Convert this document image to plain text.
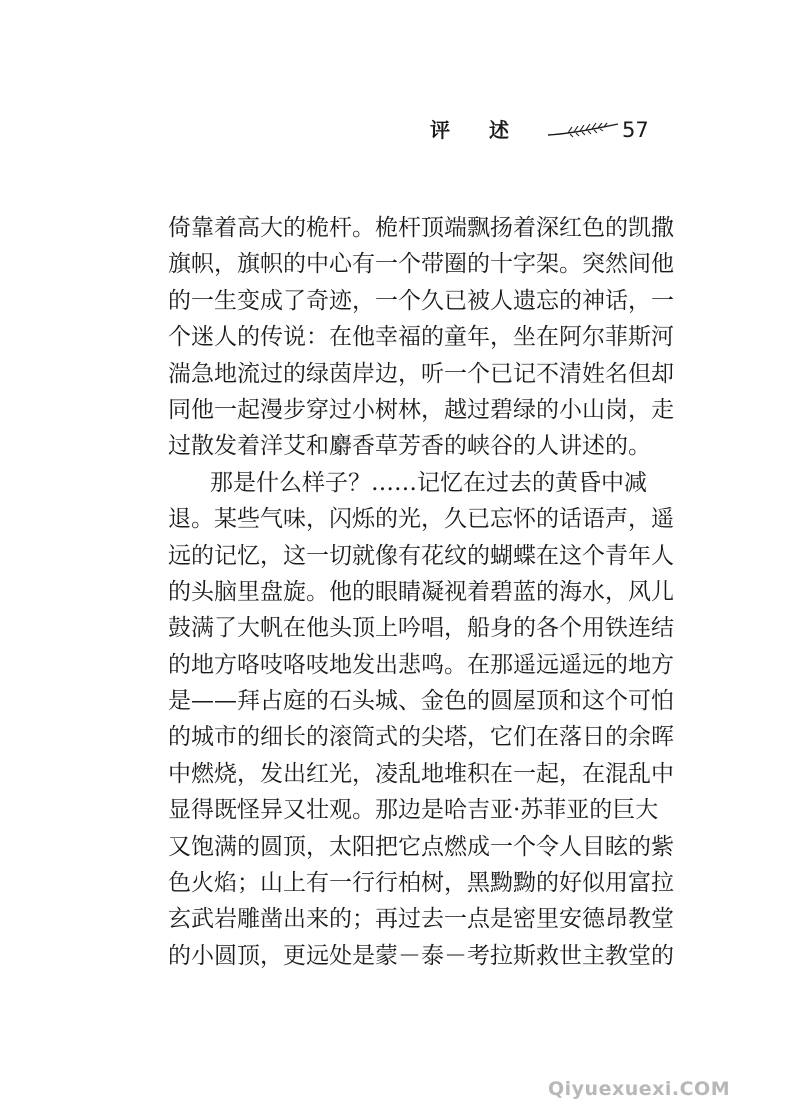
评 述	57
倚靠着高大的桅杆。桅杆顶端飘扬着深红色的凯撒
旗帜，旗帜的中心有一个带圈的十字架。突然间他
的一生变成了奇迹，一个久已被人遗忘的神话，一
个迷人的传说：在他幸福的童年，坐在阿尔菲斯河
湍急地流过的绿茵岸边，听一个已记不清姓名但却
同他一起漫步穿过小树林，越过碧绿的小山岗，走
过散发着洋艾和麝香草芳香的峡谷的人讲述的。
那是什么样子？……记忆在过去的黄昏中减
退。某些气味，闪烁的光，久已忘怀的话语声，遥
远的记忆，这一切就像有花纹的蝴蝶在这个青年人
的头脑里盘旋。他的眼睛凝视着碧蓝的海水，风儿
鼓满了大帆在他头顶上吟唱，船身的各个用铁连结
的地方咯吱咯吱地发出悲鸣。在那遥远遥远的地方
是——拜占庭的石头城、金色的圆屋顶和这个可怕
的城市的细长的滚筒式的尖塔，它们在落日的余晖
中燃烧，发出红光，凌乱地堆积在一起，在混乱中
显得既怪异又壮观。那边是哈吉亚·苏菲亚的巨大
又饱满的圆顶，太阳把它点燃成一个令人目眩的紫
色火焰；山上有一行行柏树，黑黝黝的好似用富拉
玄武岩雕凿出来的；再过去一点是密里安德昂教堂
的小圆顶，更远处是蒙－泰－考拉斯救世主教堂的
Qiyuexuexi.COM
